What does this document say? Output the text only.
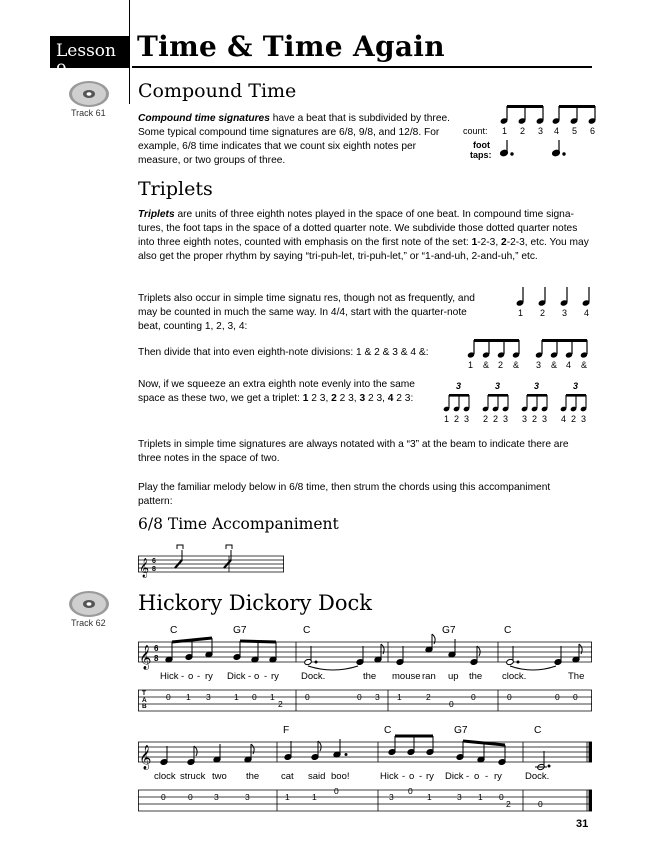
Lesson 9
Time & Time Again
Track 61
Compound Time
Compound time signatures have a beat that is subdivided by three. Some typical compound time signatures are 6/8, 9/8, and 12/8. For example, 6/8 time indicates that we count six eighth notes per measure, or two groups of three.
count: 1 2 3 4 5 6
foot
taps:
Triplets
Triplets are units of three eighth notes played in the space of one beat. In compound time signatures, the foot taps in the space of a dotted quarter note. We subdivide those dotted quarter notes into three eighth notes, counted with emphasis on the first note of the set: 1-2-3, 2-2-3, etc. You may also get the proper rhythm by saying “tri-puh-let, tri-puh-let,” or “1-and-uh, 2-and-uh,” etc.
Triplets also occur in simple time signatu res, though not as frequently, and may be counted in much the same way. In 4/4, start with the quarter-note beat, counting 1, 2, 3, 4:
1 2 3 4
Then divide that into even eighth-note divisions: 1 & 2 & 3 & 4 &:
1 & 2 & 3 & 4 &
Now, if we squeeze an extra eighth note evenly into the same space as these two, we get a triplet: 1 2 3, 2 2 3, 3 2 3, 4 2 3:
3	3	3	3
1 2 3 2 2 3 3 2 3 4 2 3
Triplets in simple time signatures are always notated with a “3” at the beam to indicate there are three notes in the space of two.
Play the familiar melody below in 6/8 time, then strum the chords using this accompaniment pattern:
6/8 Time Accompaniment
𝄞 6
8
Track 62
Hickory Dickory Dock
𝄞 6
8
C	G7	C	G7	C
Hick - o - ry Dick - o - ry Dock.	the mouse ran up the clock.	The
T
A
B
0 1 3	1 0 1
2
0	0 3 1	2
0
0	0	0 0
𝄞
F	C	G7	C
clock struck two the cat said boo!	Hick - o - ry Dick - o - ry Dock.
0	0	3	3	1	1
0
3
0
1	3 1 0
2	0
31
